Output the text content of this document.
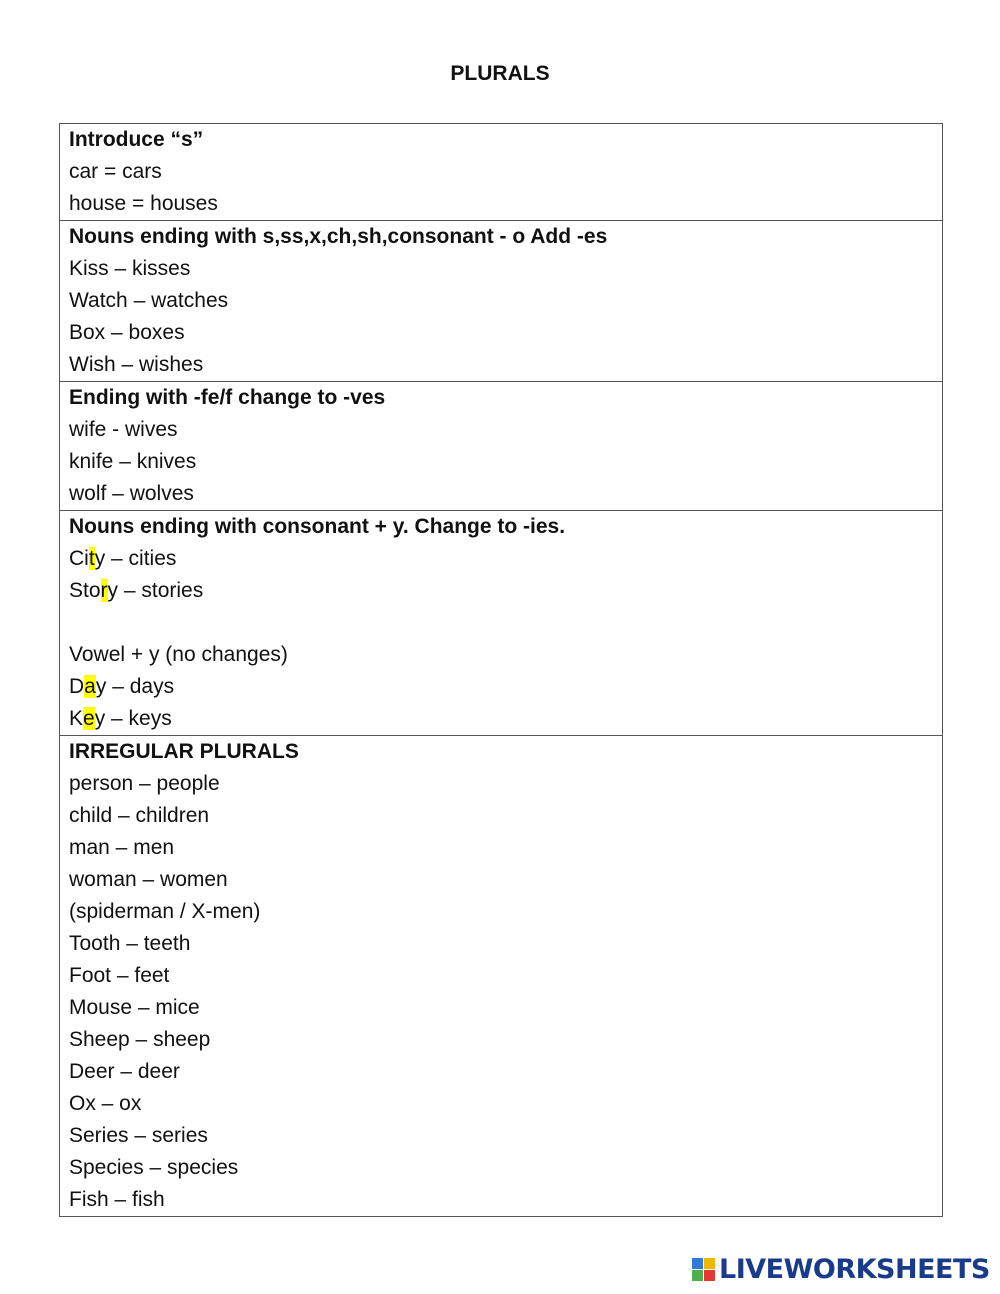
PLURALS
Introduce “s”
car = cars
house = houses
Nouns ending with s,ss,x,ch,sh,consonant - o Add -es
Kiss – kisses
Watch – watches
Box – boxes
Wish – wishes
Ending with -fe/f change to -ves
wife - wives
knife – knives
wolf – wolves
Nouns ending with consonant + y. Change to -ies.
City – cities
Story – stories
Vowel + y (no changes)
Day – days
Key – keys
IRREGULAR PLURALS
person – people
child – children
man – men
woman – women
(spiderman / X-men)
Tooth – teeth
Foot – feet
Mouse – mice
Sheep – sheep
Deer – deer
Ox – ox
Series – series
Species – species
Fish – fish
LIVEWORKSHEETS
